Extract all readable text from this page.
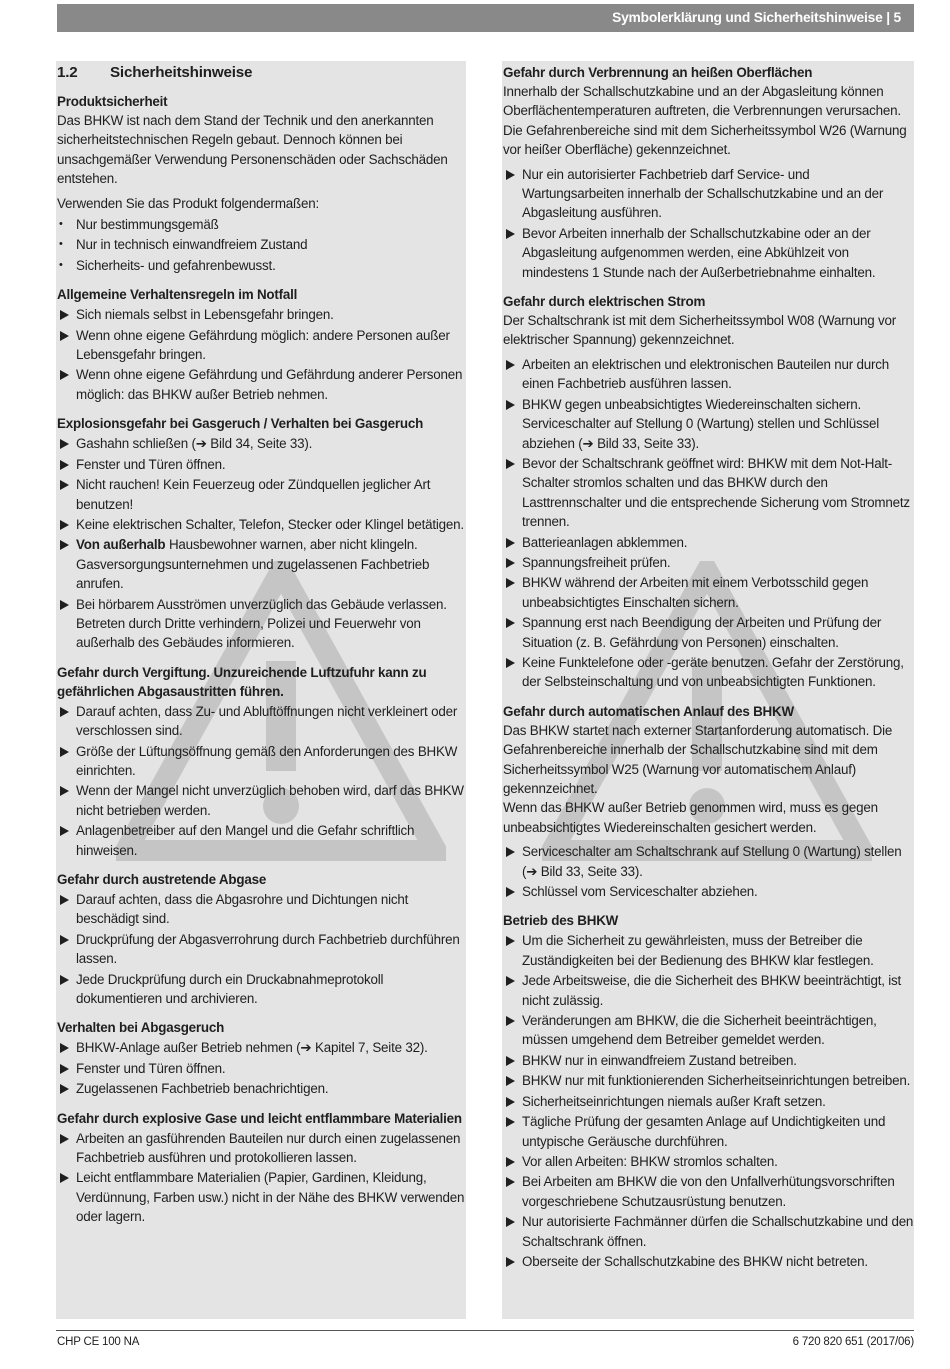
Symbolerklärung und Sicherheitshinweise | 5
1.2	Sicherheitshinweise
Produktsicherheit

Das BHKW ist nach dem Stand der Technik und den anerkannten sicherheitstechnischen Regeln gebaut. Dennoch können bei unsachgemäßer Verwendung Personenschäden oder Sachschäden entstehen.

Verwenden Sie das Produkt folgendermaßen:

• Nur bestimmungsgemäß
• Nur in technisch einwandfreiem Zustand
• Sicherheits- und gefahrenbewusst.
Allgemeine Verhaltensregeln im Notfall
Sich niemals selbst in Lebensgefahr bringen.
Wenn ohne eigene Gefährdung möglich: andere Personen außer Lebensgefahr bringen.
Wenn ohne eigene Gefährdung und Gefährdung anderer Personen möglich: das BHKW außer Betrieb nehmen.
Explosionsgefahr bei Gasgeruch / Verhalten bei Gasgeruch
Gashahn schließen (➔ Bild 34, Seite 33).
Fenster und Türen öffnen.
Nicht rauchen! Kein Feuerzeug oder Zündquellen jeglicher Art benutzen!
Keine elektrischen Schalter, Telefon, Stecker oder Klingel betätigen.
Von außerhalb Hausbewohner warnen, aber nicht klingeln. Gasversorgungsunternehmen und zugelassenen Fachbetrieb anrufen.
Bei hörbarem Ausströmen unverzüglich das Gebäude verlassen. Betreten durch Dritte verhindern, Polizei und Feuerwehr von außerhalb des Gebäudes informieren.
Gefahr durch Vergiftung. Unzureichende Luftzufuhr kann zu gefährlichen Abgasaustritten führen.
Darauf achten, dass Zu- und Abluftöffnungen nicht verkleinert oder verschlossen sind.
Größe der Lüftungsöffnung gemäß den Anforderungen des BHKW einrichten.
Wenn der Mangel nicht unverzüglich behoben wird, darf das BHKW nicht betrieben werden.
Anlagenbetreiber auf den Mangel und die Gefahr schriftlich hinweisen.
Gefahr durch austretende Abgase
Darauf achten, dass die Abgasrohre und Dichtungen nicht beschädigt sind.
Druckprüfung der Abgasverrohrung durch Fachbetrieb durchführen lassen.
Jede Druckprüfung durch ein Druckabnahmeprotokoll dokumentieren und archivieren.
Verhalten bei Abgasgeruch
BHKW-Anlage außer Betrieb nehmen (➔ Kapitel 7, Seite 32).
Fenster und Türen öffnen.
Zugelassenen Fachbetrieb benachrichtigen.
Gefahr durch explosive Gase und leicht entflammbare Materialien
Arbeiten an gasführenden Bauteilen nur durch einen zugelassenen Fachbetrieb ausführen und protokollieren lassen.
Leicht entflammbare Materialien (Papier, Gardinen, Kleidung, Verdünnung, Farben usw.) nicht in der Nähe des BHKW verwenden oder lagern.
Gefahr durch Verbrennung an heißen Oberflächen

Innerhalb der Schallschutzkabine und an der Abgasleitung können Oberflächentemperaturen auftreten, die Verbrennungen verursachen. Die Gefahrenbereiche sind mit dem Sicherheitssymbol W26 (Warnung vor heißer Oberfläche) gekennzeichnet.

Nur ein autorisierter Fachbetrieb darf Service- und Wartungsarbeiten innerhalb der Schallschutzkabine und an der Abgasleitung ausführen.
Bevor Arbeiten innerhalb der Schallschutzkabine oder an der Abgasleitung aufgenommen werden, eine Abkühlzeit von mindestens 1 Stunde nach der Außerbetriebnahme einhalten.
Gefahr durch elektrischen Strom

Der Schaltschrank ist mit dem Sicherheitssymbol W08 (Warnung vor elektrischer Spannung) gekennzeichnet.

Arbeiten an elektrischen und elektronischen Bauteilen nur durch einen Fachbetrieb ausführen lassen.
BHKW gegen unbeabsichtigtes Wiedereinschalten sichern. Serviceschalter auf Stellung 0 (Wartung) stellen und Schlüssel abziehen (➔ Bild 33, Seite 33).
Bevor der Schaltschrank geöffnet wird: BHKW mit dem Not-Halt-Schalter stromlos schalten und das BHKW durch den Lasttrennschalter und die entsprechende Sicherung vom Stromnetz trennen.
Batterieanlagen abklemmen.
Spannungsfreiheit prüfen.
BHKW während der Arbeiten mit einem Verbotsschild gegen unbeabsichtigtes Einschalten sichern.
Spannung erst nach Beendigung der Arbeiten und Prüfung der Situation (z. B. Gefährdung von Personen) einschalten.
Keine Funktelefone oder -geräte benutzen. Gefahr der Zerstörung, der Selbsteinschaltung und von unbeabsichtigten Funktionen.
Gefahr durch automatischen Anlauf des BHKW

Das BHKW startet nach externer Startanforderung automatisch. Die Gefahrenbereiche innerhalb der Schallschutzkabine sind mit dem Sicherheitssymbol W25 (Warnung vor automatischem Anlauf) gekennzeichnet.

Wenn das BHKW außer Betrieb genommen wird, muss es gegen unbeabsichtigtes Wiedereinschalten gesichert werden.

Serviceschalter am Schaltschrank auf Stellung 0 (Wartung) stellen (➔ Bild 33, Seite 33).
Schlüssel vom Serviceschalter abziehen.
Betrieb des BHKW
Um die Sicherheit zu gewährleisten, muss der Betreiber die Zuständigkeiten bei der Bedienung des BHKW klar festlegen.
Jede Arbeitsweise, die die Sicherheit des BHKW beeinträchtigt, ist nicht zulässig.
Veränderungen am BHKW, die die Sicherheit beeinträchtigen, müssen umgehend dem Betreiber gemeldet werden.
BHKW nur in einwandfreiem Zustand betreiben.
BHKW nur mit funktionierenden Sicherheitseinrichtungen betreiben.
Sicherheitseinrichtungen niemals außer Kraft setzen.
Tägliche Prüfung der gesamten Anlage auf Undichtigkeiten und untypische Geräusche durchführen.
Vor allen Arbeiten: BHKW stromlos schalten.
Bei Arbeiten am BHKW die von den Unfallverhütungsvorschriften vorgeschriebene Schutzausrüstung benutzen.
Nur autorisierte Fachmänner dürfen die Schallschutzkabine und den Schaltschrank öffnen.
Oberseite der Schallschutzkabine des BHKW nicht betreten.
CHP CE 100 NA	6 720 820 651 (2017/06)
